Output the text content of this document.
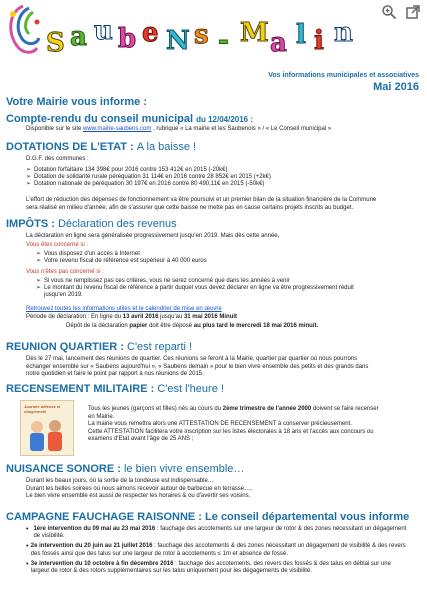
S a u b e N s - M a l i n
Vos informations municipales et associatives
Mai 2016
Votre Mairie vous informe :
Compte-rendu du conseil municipal du 12/04/2016 :
Disponible sur le site www.mairie-saubens.com , rubrique « La mairie et les Saubenois » / « Le Conseil municipal »
DOTATIONS DE L'ETAT : A la baisse !
D.G.F. des communes :
➢ Dotation forfaitaire 134 398€ pour 2016 contre 153 412€ en 2015 (-20k€)
➢ Dotation de solidarité rurale péréquation 31 114€ en 2016 contre 28 852€ en 2015 (+2k€)
➢ Dotation nationale de péréquation 30 197€ en 2016 contre 80 490,11€ en 2015 (-50k€)
L'effort de réduction des dépenses de fonctionnement va être poursuivi et un premier bilan de la situation financière de la Commune
sera réalisé en milieu d'année, afin de s'assurer que cette baisse ne mette pas en cause certains projets inscrits au budget.
IMPÔTS : Déclaration des revenus
La déclaration en ligne sera généralisée progressivement jusqu'en 2019. Mais dès cette année,
Vous êtes concerné si :
➢ Vous disposez d'un accès à Internet
➢ Votre revenu fiscal de référence est supérieur à 40 000 euros
Vous n'êtes pas concerné si :
➢ Si vous ne remplissez pas ces critères, vous ne serez concerné que dans les années à venir
➢ Le montant du revenu fiscal de référence à partir duquel vous devez déclarer en ligne va être progressivement réduit
jusqu'en 2019.
Retrouvez toutes les informations utiles et le calendrier de mise en œuvre
Période de déclaration : En ligne du 13 avril 2016 jusqu'au 31 mai 2016 Minuit
Dépôt de la déclaration papier doit être déposé au plus tard le mercredi 18 mai 2016 minuit.
REUNION QUARTIER : C'est reparti !
Dès le 27 mai, lancement des réunions de quartier. Ces réunions se feront à la Mairie, quartier par quartier où nous pourrons
échanger ensemble sur « Saubens aujourd'hui », « Saubens demain » pour le bien vivre ensemble des petits et des grands dans
notre quotidien et faire le point par rapport à nos réunions de 2015.
RECENSEMENT MILITAIRE : C'est l'heure !
Journée défense et citoyenneté	Tous les jeunes (garçons et filles) nés au cours du 2ème trimestre de l'année 2000 doivent se faire recenser
en Mairie.
La mairie vous remettra alors une ATTESTATION DE RECENSEMENT à conserver précieusement.
Cette ATTESTATION facilitera votre inscription sur les listes électorales à 18 ans et l'accès aux concours ou
examens d'Etat avant l'âge de 25 ANS ;
NUISANCE SONORE : le bien vivre ensemble…
Durant les beaux jours, où la sortie de la tondeuse est indispensable…
Durant les belles soirées où nous aimons recevoir autour de barbecue en terrasse…,
Le bien vivre ensemble est aussi de respecter les horaires & ou d'avertir ses voisins.
CAMPAGNE FAUCHAGE RAISONNE : Le conseil départemental vous informe
• 1ère intervention du 09 mai au 23 mai 2016 : fauchage des accotements sur une largeur de rotor & des zones nécessitant un dégagement de visibilité.
• 2e intervention du 20 juin au 21 juillet 2016 : fauchage des accotements & des zones nécessitant un dégagement de visibilité & des revers des fossés ainsi que des talus sur une largeur de rotor à accotements ≤ 1m et absence de fossé.
• 3e intervention du 10 octobre à fin décembre 2016 : fauchage des accotements, des revers des fossés & des talus en déblai sur une largeur de rotor & des rotors supplémentaires sur les talus uniquement pour les dégagements de visibilité.
